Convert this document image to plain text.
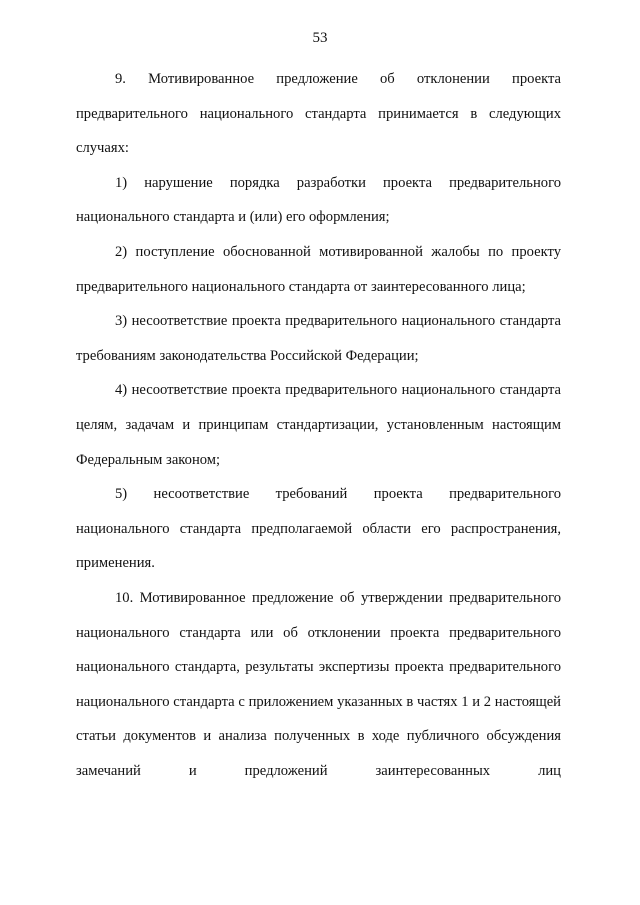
53

9. Мотивированное предложение об отклонении проекта предварительного национального стандарта принимается в следующих случаях:

1) нарушение порядка разработки проекта предварительного национального стандарта и (или) его оформления;

2) поступление обоснованной мотивированной жалобы по проекту предварительного национального стандарта от заинтересованного лица;

3) несоответствие проекта предварительного национального стандарта требованиям законодательства Российской Федерации;

4) несоответствие проекта предварительного национального стандарта целям, задачам и принципам стандартизации, установленным настоящим Федеральным законом;

5) несоответствие требований проекта предварительного национального стандарта предполагаемой области его распространения, применения.

10. Мотивированное предложение об утверждении предварительного национального стандарта или об отклонении проекта предварительного национального стандарта, результаты экспертизы проекта предварительного национального стандарта с приложением указанных в частях 1 и 2 настоящей статьи документов и анализа полученных в ходе публичного обсуждения замечаний и предложений заинтересованных лиц
